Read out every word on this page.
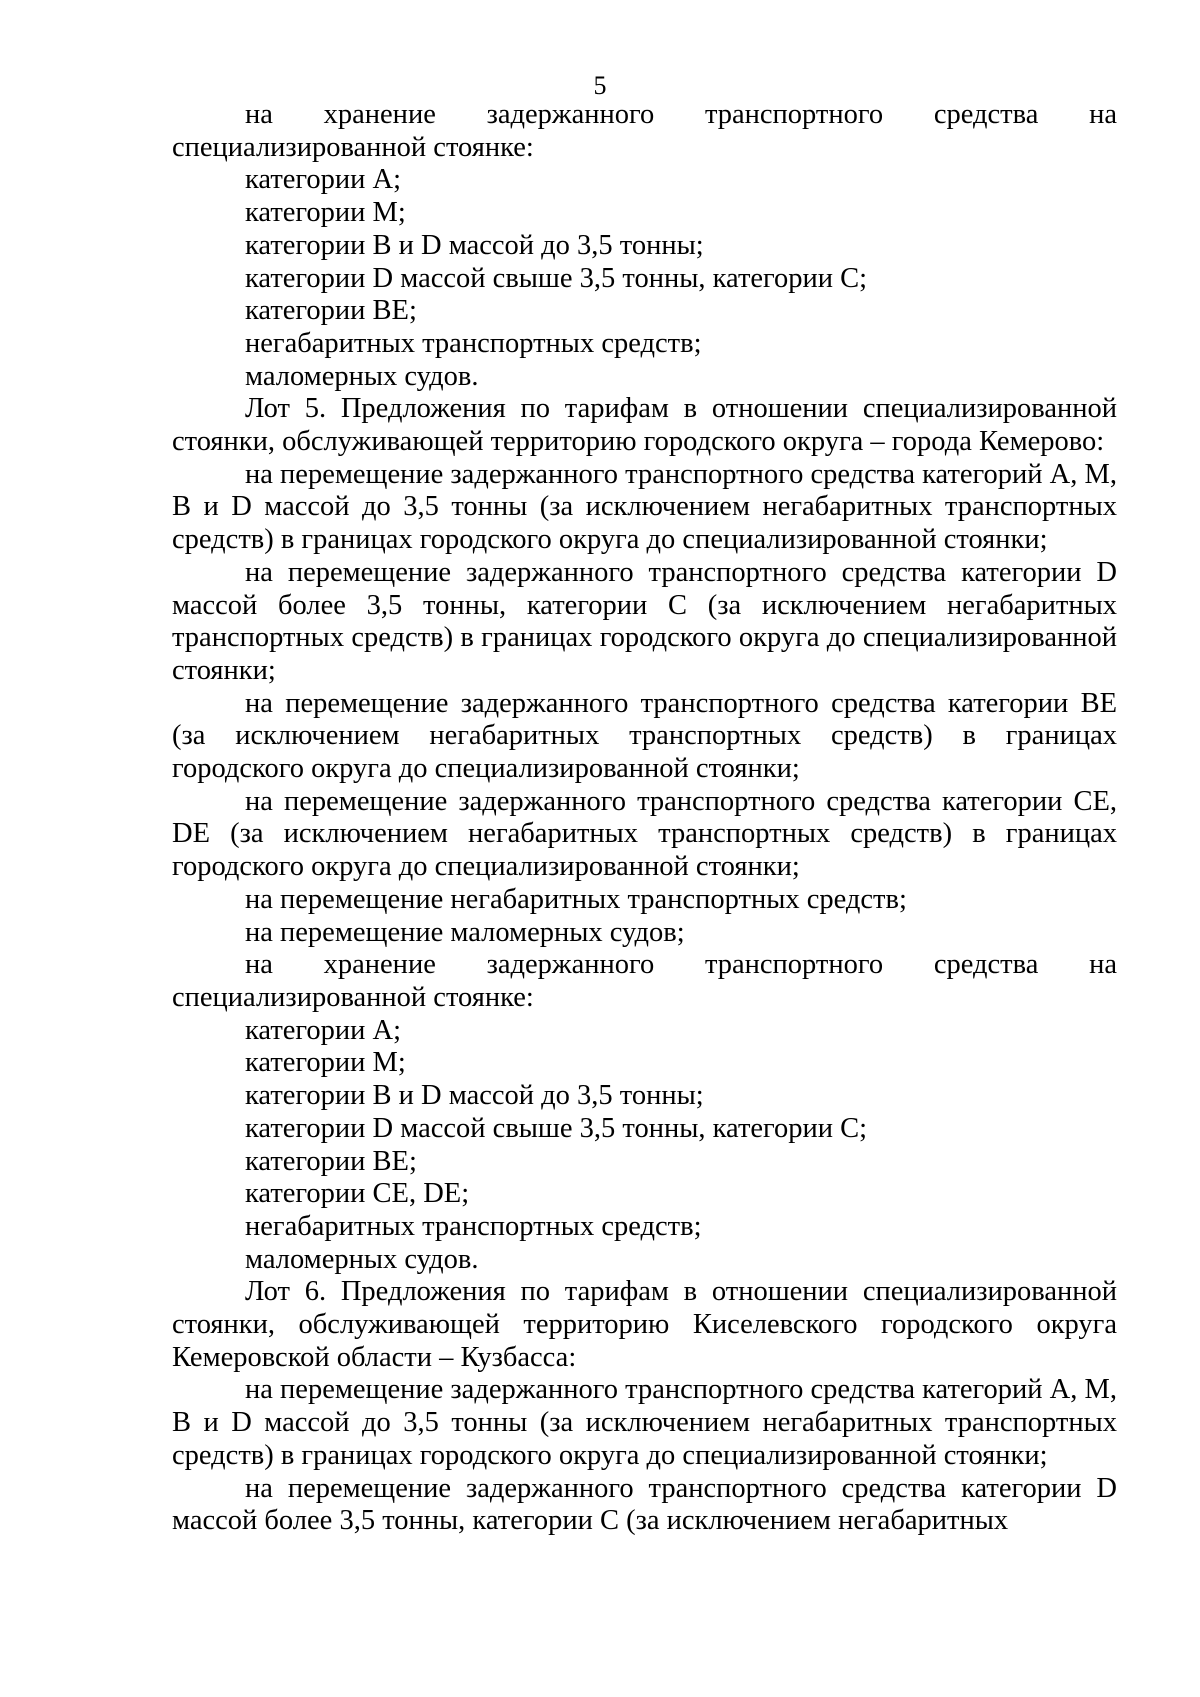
5

на хранение задержанного транспортного средства на специализированной стоянке:

категории А;

категории М;

категории В и D массой до 3,5 тонны;

категории D массой свыше 3,5 тонны, категории С;

категории ВЕ;

негабаритных транспортных средств;

маломерных судов.

Лот 5. Предложения по тарифам в отношении специализированной стоянки, обслуживающей территорию городского округа – города Кемерово:

на перемещение задержанного транспортного средства категорий А, М, В и D массой до 3,5 тонны (за исключением негабаритных транспортных средств) в границах городского округа до специализированной стоянки;

на перемещение задержанного транспортного средства категории D массой более 3,5 тонны, категории С (за исключением негабаритных транспортных средств) в границах городского округа до специализированной стоянки;

на перемещение задержанного транспортного средства категории ВЕ (за исключением негабаритных транспортных средств) в границах городского округа до специализированной стоянки;

на перемещение задержанного транспортного средства категории СЕ, DE (за исключением негабаритных транспортных средств) в границах городского округа до специализированной стоянки;

на перемещение негабаритных транспортных средств;

на перемещение маломерных судов;

на хранение задержанного транспортного средства на специализированной стоянке:

категории А;

категории М;

категории В и D массой до 3,5 тонны;

категории D массой свыше 3,5 тонны, категории С;

категории ВЕ;

категории СЕ, DE;

негабаритных транспортных средств;

маломерных судов.

Лот 6. Предложения по тарифам в отношении специализированной стоянки, обслуживающей территорию Киселевского городского округа Кемеровской области – Кузбасса:

на перемещение задержанного транспортного средства категорий А, М, В и D массой до 3,5 тонны (за исключением негабаритных транспортных средств) в границах городского округа до специализированной стоянки;

на перемещение задержанного транспортного средства категории D массой более 3,5 тонны, категории С (за исключением негабаритных
